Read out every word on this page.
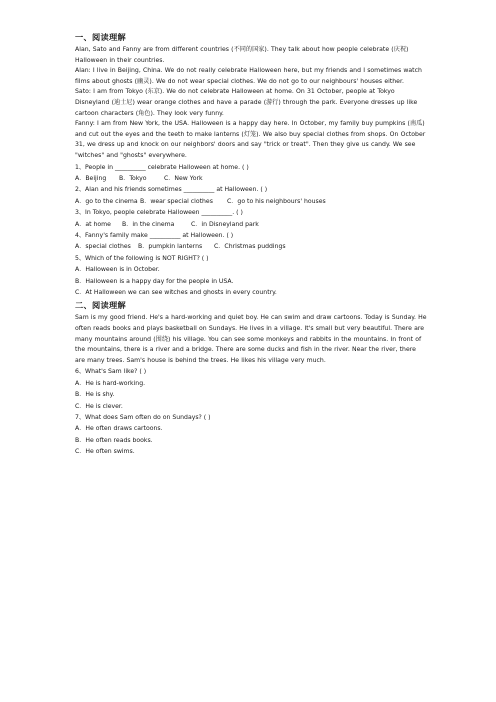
一、阅读理解

Alan, Sato and Fanny are from different countries (不同的国家). They talk about how people celebrate (庆祝) Halloween in their countries.

Alan: I live in Beijing, China. We do not really celebrate Halloween here, but my friends and I sometimes watch films about ghosts (幽灵). We do not wear special clothes. We do not go to our neighbours' houses either.

Sato: I am from Tokyo (东京). We do not celebrate Halloween at home. On 31 October, people at Tokyo Disneyland (迪士尼) wear orange clothes and have a parade (游行) through the park. Everyone dresses up like cartoon characters (角色). They look very funny.

Fanny: I am from New York, the USA. Halloween is a happy day here. In October, my family buy pumpkins (南瓜) and cut out the eyes and the teeth to make lanterns (灯笼). We also buy special clothes from shops. On October 31, we dress up and knock on our neighbors' doors and say "trick or treat". Then they give us candy. We see "witches" and "ghosts" everywhere.

1、People in __________ celebrate Halloween at home. ( )
A．Beijing B．Tokyo	C．New York
2、Alan and his friends sometimes __________ at Halloween. ( )
A．go to the cinema B．wear special clothes C．go to his neighbours' houses
3、In Tokyo, people celebrate Halloween __________. ( )
A．at home B．in the cinema	C．in Disneyland park
4、Fanny's family make __________ at Halloween. ( )
A．special clothes B．pumpkin lanterns C．Christmas puddings
5、Which of the following is NOT RIGHT? ( )
A．Halloween is in October.
B．Halloween is a happy day for the people in USA.
C．At Halloween we can see witches and ghosts in every country.
二、阅读理解

Sam is my good friend. He's a hard-working and quiet boy. He can swim and draw cartoons. Today is Sunday. He often reads books and plays basketball on Sundays. He lives in a village. It's small but very beautiful. There are many mountains around (围绕) his village. You can see some monkeys and rabbits in the mountains. In front of the mountains, there is a river and a bridge. There are some ducks and fish in the river. Near the river, there are many trees. Sam's house is behind the trees. He likes his village very much.

6、What's Sam like? ( )
A．He is hard-working.
B．He is shy.
C．He is clever.
7、What does Sam often do on Sundays? ( )
A．He often draws cartoons.
B．He often reads books.
C．He often swims.
